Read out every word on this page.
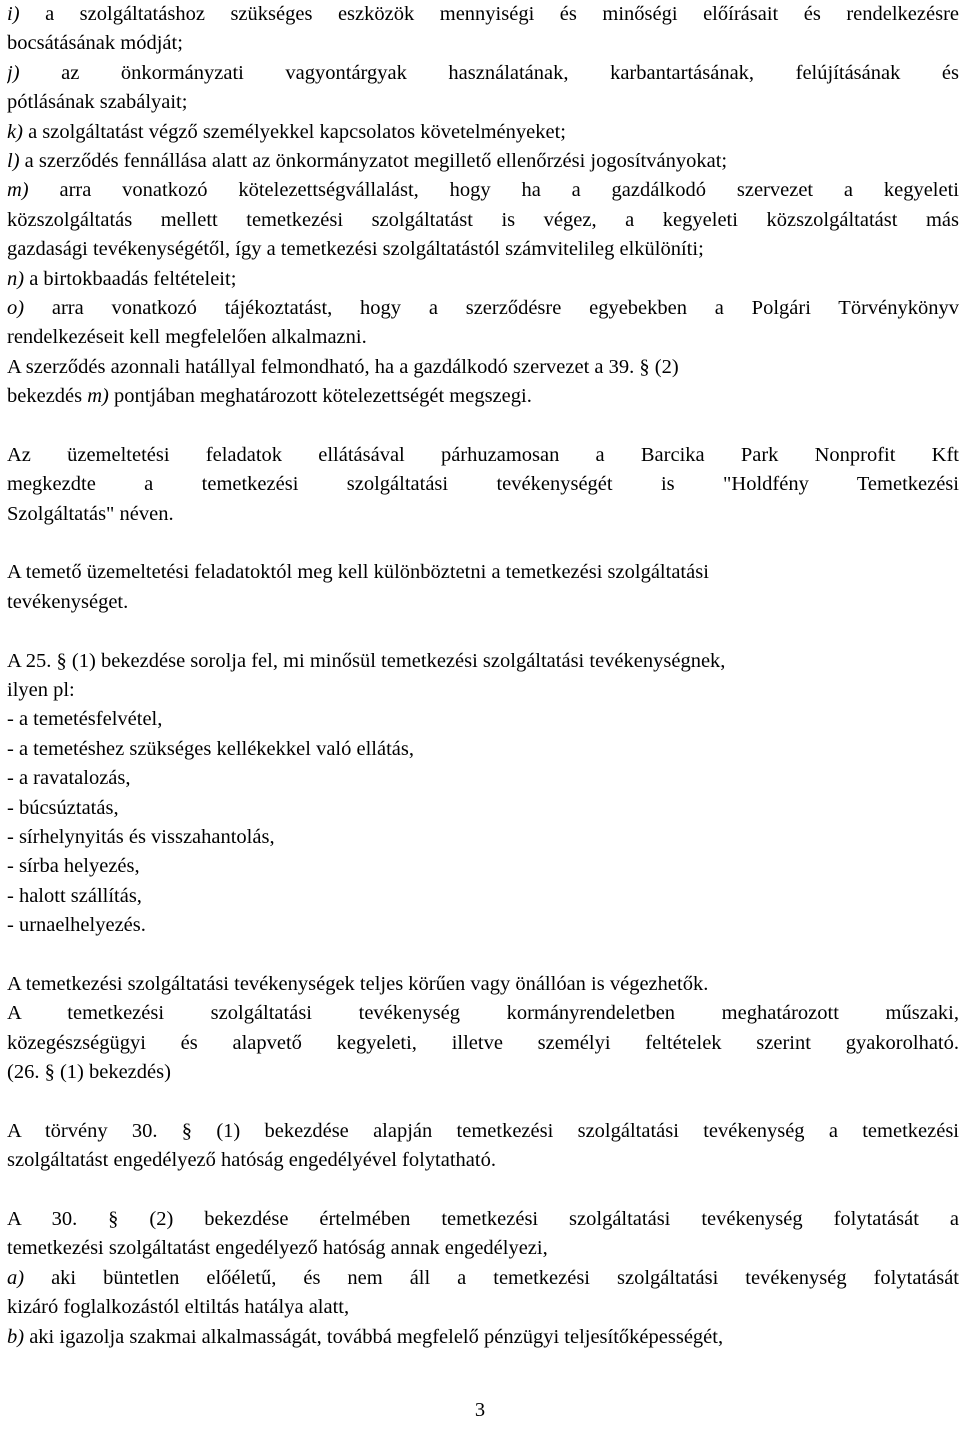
i) a szolgáltatáshoz szükséges eszközök mennyiségi és minőségi előírásait és rendelkezésre

bocsátásának módját;

j) az önkormányzati vagyontárgyak használatának, karbantartásának, felújításának és

pótlásának szabályait;

k) a szolgáltatást végző személyekkel kapcsolatos követelményeket;

l) a szerződés fennállása alatt az önkormányzatot megillető ellenőrzési jogosítványokat;

m) arra vonatkozó kötelezettségvállalást, hogy ha a gazdálkodó szervezet a kegyeleti

közszolgáltatás mellett temetkezési szolgáltatást is végez, a kegyeleti közszolgáltatást más

gazdasági tevékenységétől, így a temetkezési szolgáltatástól számvitelileg elkülöníti;

n) a birtokbaadás feltételeit;

o) arra vonatkozó tájékoztatást, hogy a szerződésre egyebekben a Polgári Törvénykönyv

rendelkezéseit kell megfelelően alkalmazni.

A szerződés azonnali hatállyal felmondható, ha a gazdálkodó szervezet a 39. § (2)

bekezdés m) pontjában meghatározott kötelezettségét megszegi.

Az üzemeltetési feladatok ellátásával párhuzamosan a Barcika Park Nonprofit Kft

megkezdte a temetkezési szolgáltatási tevékenységét is "Holdfény Temetkezési

Szolgáltatás" néven.

A temető üzemeltetési feladatoktól meg kell különböztetni a temetkezési szolgáltatási

tevékenységet.

A 25. § (1) bekezdése sorolja fel, mi minősül temetkezési szolgáltatási tevékenységnek,

ilyen pl:

- a temetésfelvétel,

- a temetéshez szükséges kellékekkel való ellátás,

- a ravatalozás,

- búcsúztatás,

- sírhelynyitás és visszahantolás,

- sírba helyezés,

- halott szállítás,

- urnaelhelyezés.

A temetkezési szolgáltatási tevékenységek teljes körűen vagy önállóan is végezhetők.

A temetkezési szolgáltatási tevékenység kormányrendeletben meghatározott műszaki,

közegészségügyi és alapvető kegyeleti, illetve személyi feltételek szerint gyakorolható.

(26. § (1) bekezdés)

A törvény 30. § (1) bekezdése alapján temetkezési szolgáltatási tevékenység a temetkezési

szolgáltatást engedélyező hatóság engedélyével folytatható.

A 30. § (2) bekezdése értelmében temetkezési szolgáltatási tevékenység folytatását a

temetkezési szolgáltatást engedélyező hatóság annak engedélyezi,

a) aki büntetlen előéletű, és nem áll a temetkezési szolgáltatási tevékenység folytatását

kizáró foglalkozástól eltiltás hatálya alatt,

b) aki igazolja szakmai alkalmasságát, továbbá megfelelő pénzügyi teljesítőképességét,

3
